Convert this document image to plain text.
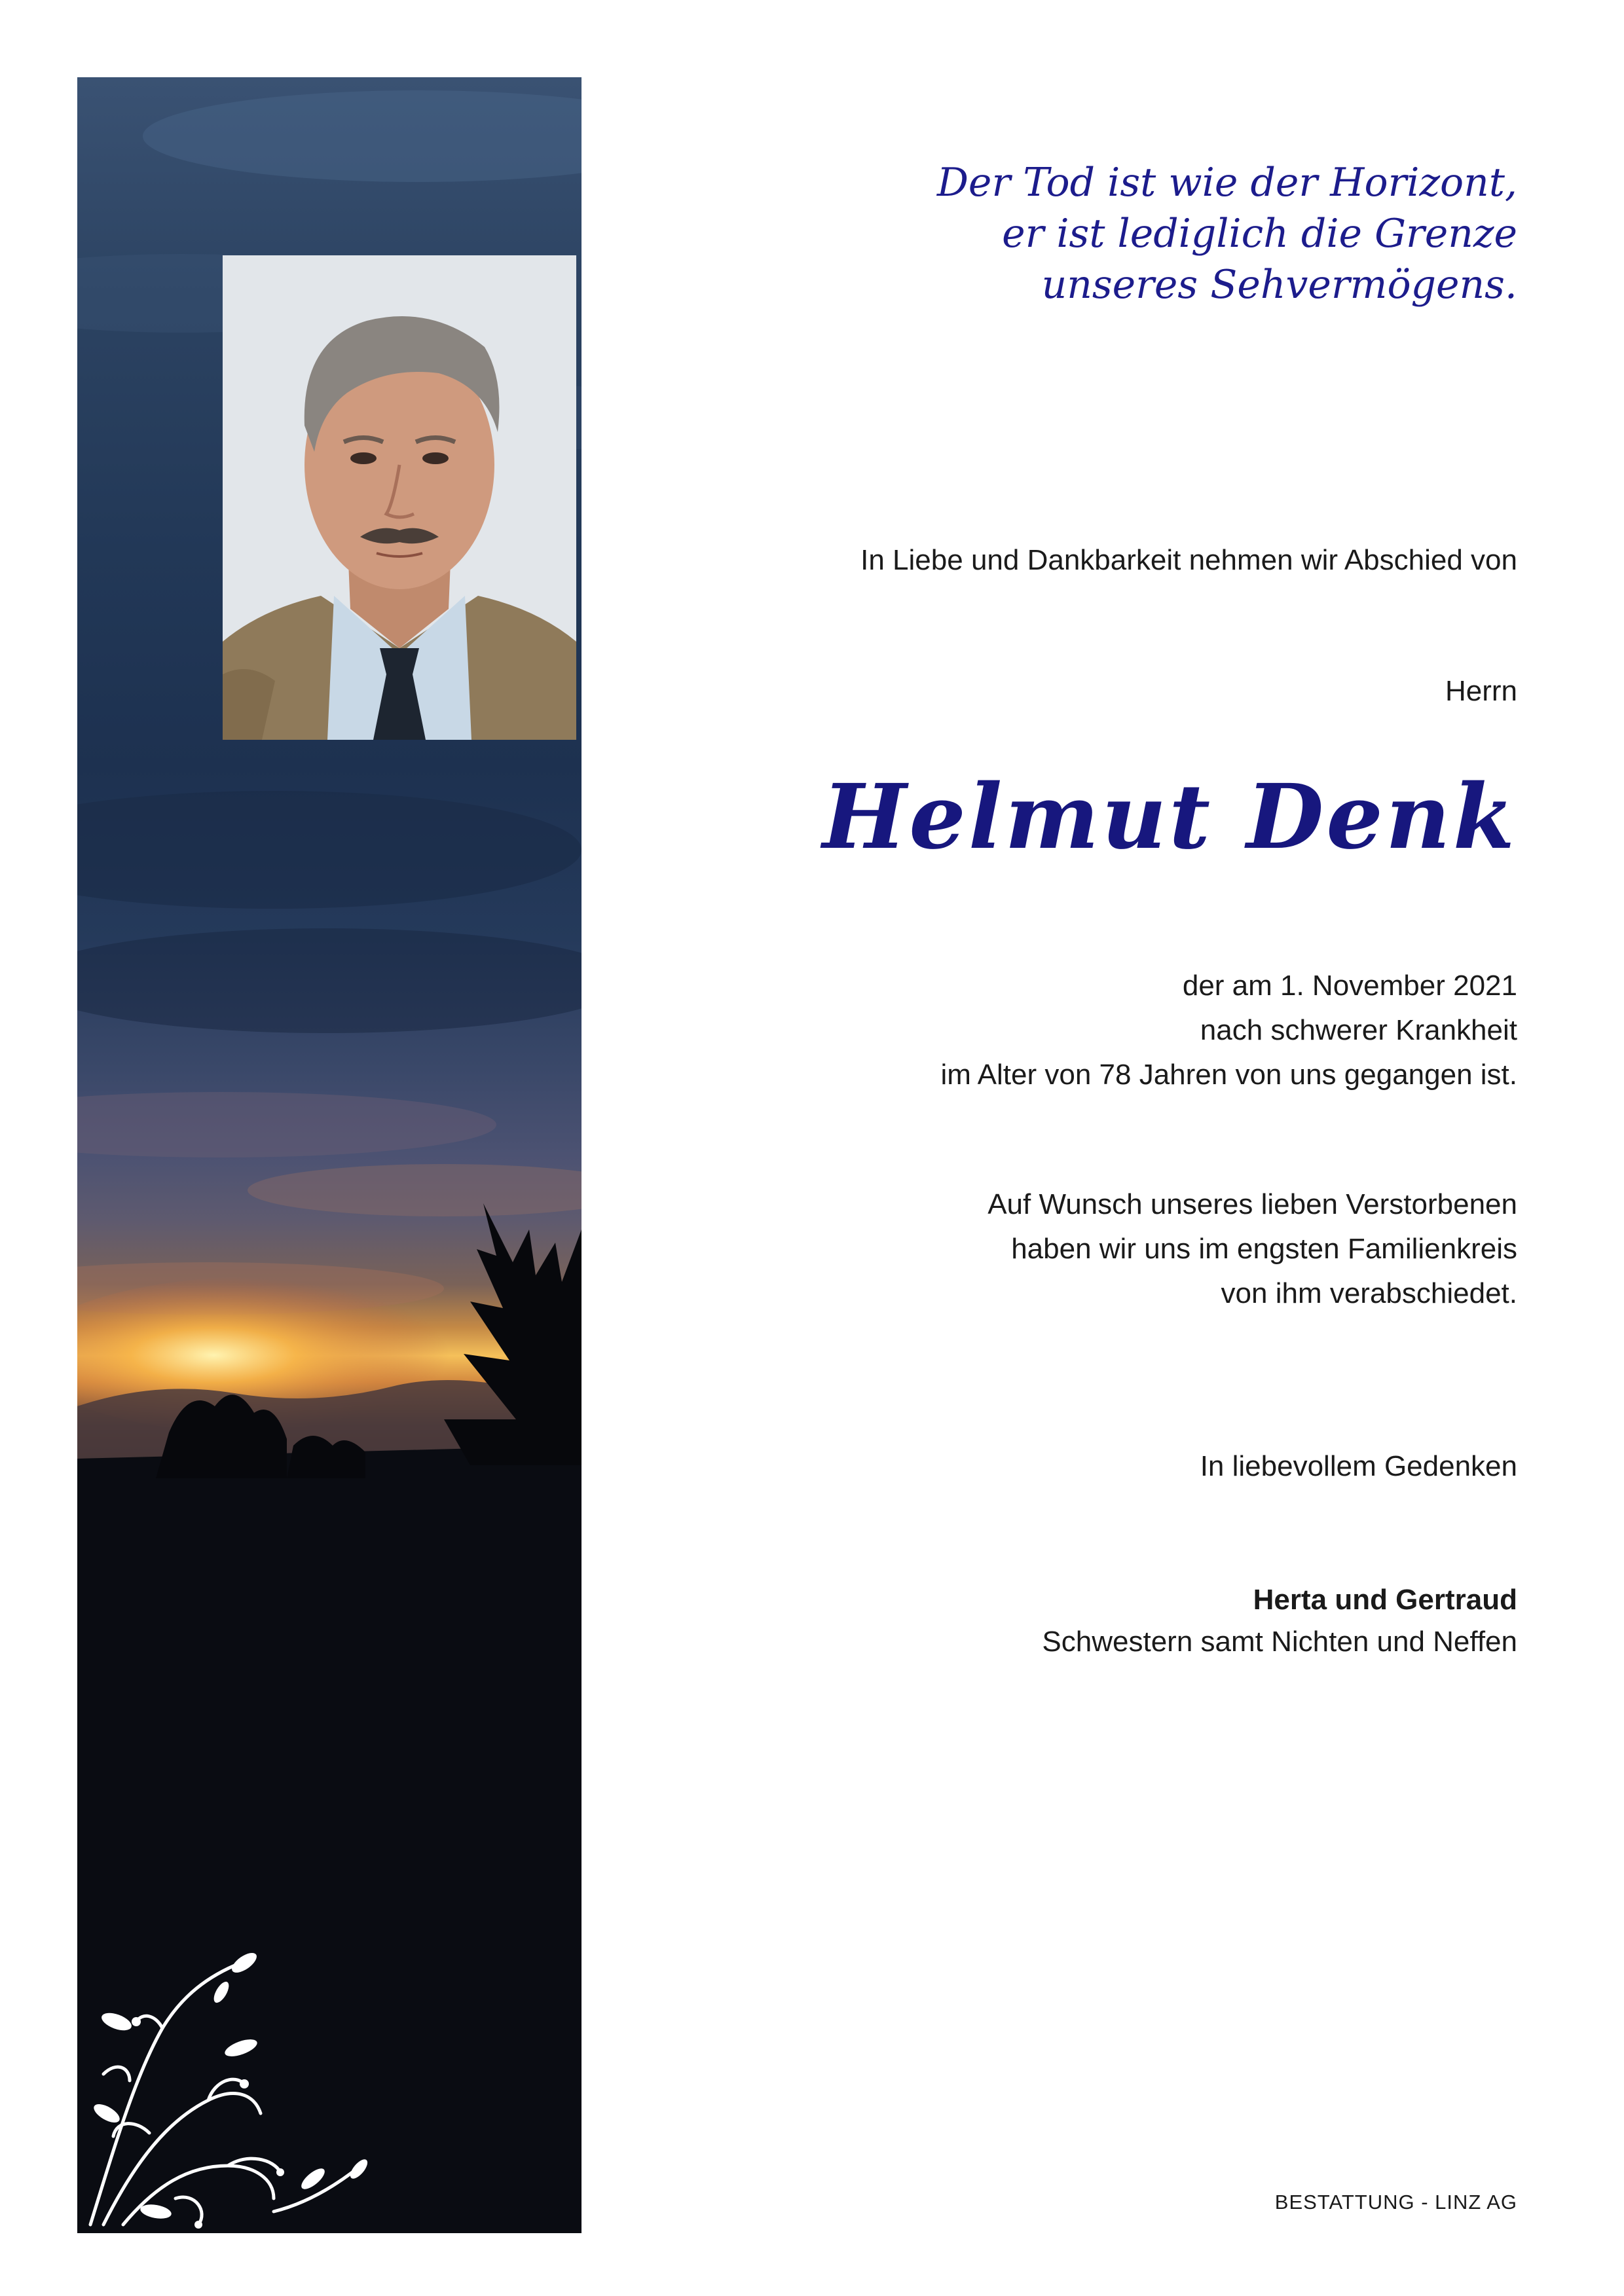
Der Tod ist wie der Horizont,
er ist lediglich die Grenze
unseres Sehvermögens.

In Liebe und Dankbarkeit nehmen wir Abschied von

Herrn

Helmut Denk

der am 1. November 2021
nach schwerer Krankheit
im Alter von 78 Jahren von uns gegangen ist.

Auf Wunsch unseres lieben Verstorbenen
haben wir uns im engsten Familienkreis
von ihm verabschiedet.

In liebevollem Gedenken

Herta und Gertraud
Schwestern samt Nichten und Neffen

BESTATTUNG - LINZ AG
